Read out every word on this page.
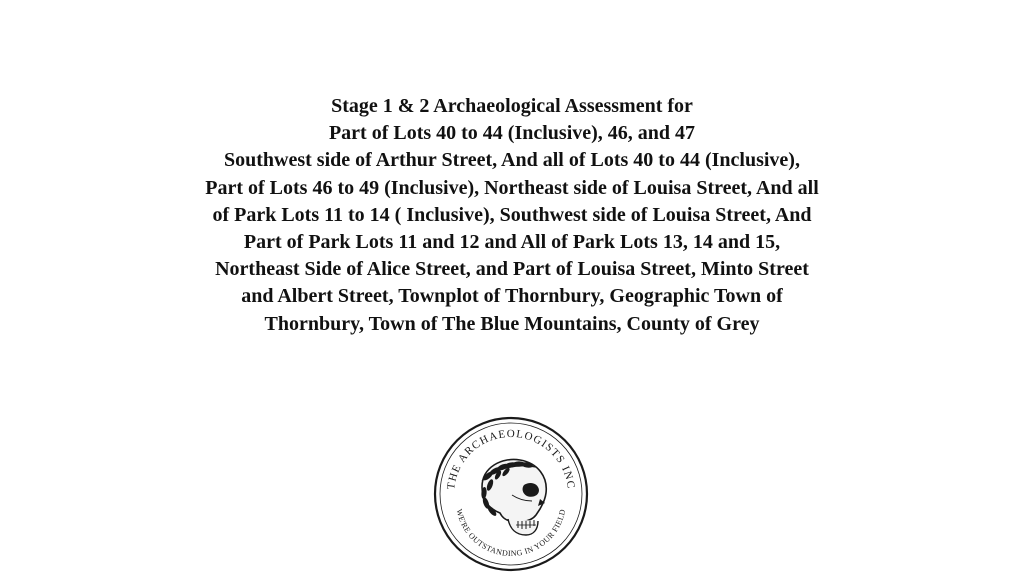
Stage 1 & 2 Archaeological Assessment for
Part of Lots 40 to 44 (Inclusive), 46, and 47
Southwest side of Arthur Street, And all of Lots 40 to 44 (Inclusive),
Part of Lots 46 to 49 (Inclusive), Northeast side of Louisa Street, And all
of Park Lots 11 to 14 ( Inclusive), Southwest side of Louisa Street, And
Part of Park Lots 11 and 12 and All of Park Lots 13, 14 and 15,
Northeast Side of Alice Street, and Part of Louisa Street, Minto Street
and Albert Street, Townplot of Thornbury, Geographic Town of
Thornbury, Town of The Blue Mountains, County of Grey
THE ARCHAEOLOGISTS INC
WE'RE OUTSTANDING IN YOUR FIELD
